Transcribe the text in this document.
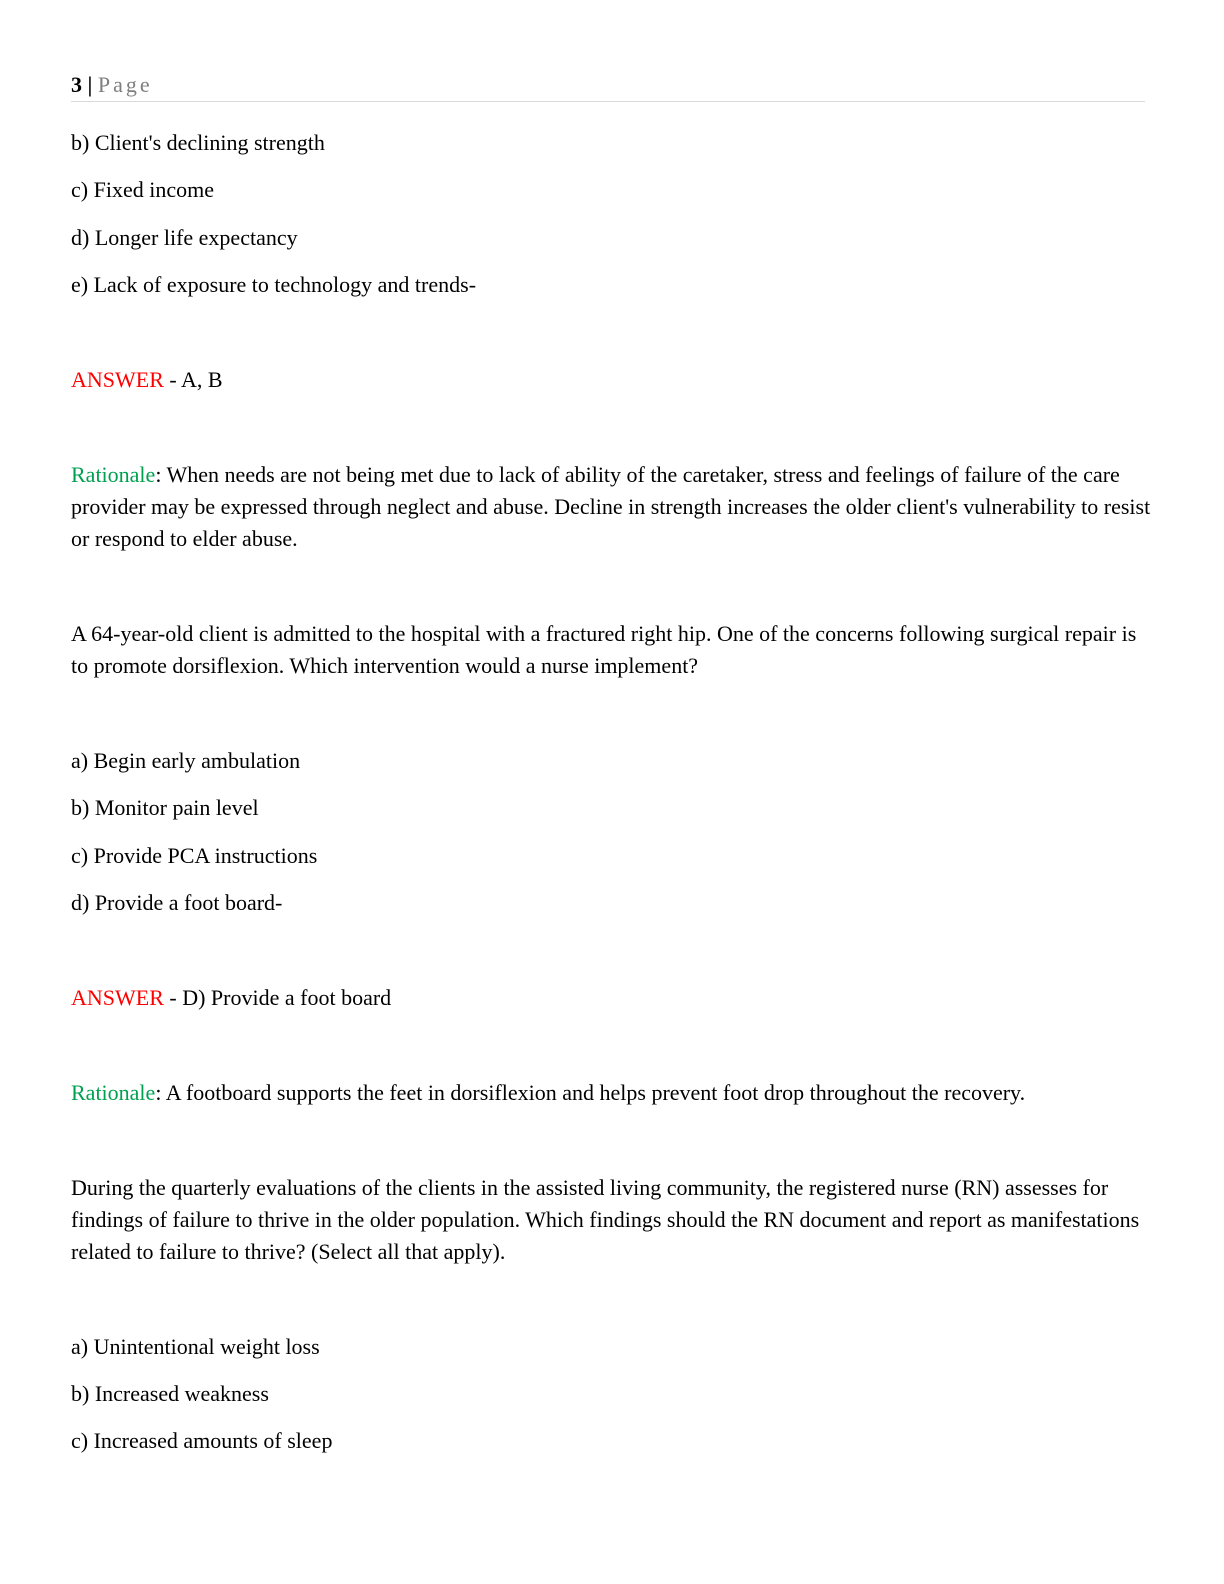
3 | Page
b) Client's declining strength
c) Fixed income
d) Longer life expectancy
e) Lack of exposure to technology and trends-
ANSWER - A, B
Rationale: When needs are not being met due to lack of ability of the caretaker, stress and feelings of failure of the care provider may be expressed through neglect and abuse. Decline in strength increases the older client's vulnerability to resist or respond to elder abuse.
A 64-year-old client is admitted to the hospital with a fractured right hip. One of the concerns following surgical repair is to promote dorsiflexion. Which intervention would a nurse implement?
a) Begin early ambulation
b) Monitor pain level
c) Provide PCA instructions
d) Provide a foot board-
ANSWER - D) Provide a foot board
Rationale: A footboard supports the feet in dorsiflexion and helps prevent foot drop throughout the recovery.
During the quarterly evaluations of the clients in the assisted living community, the registered nurse (RN) assesses for findings of failure to thrive in the older population. Which findings should the RN document and report as manifestations related to failure to thrive? (Select all that apply).
a) Unintentional weight loss
b) Increased weakness
c) Increased amounts of sleep
